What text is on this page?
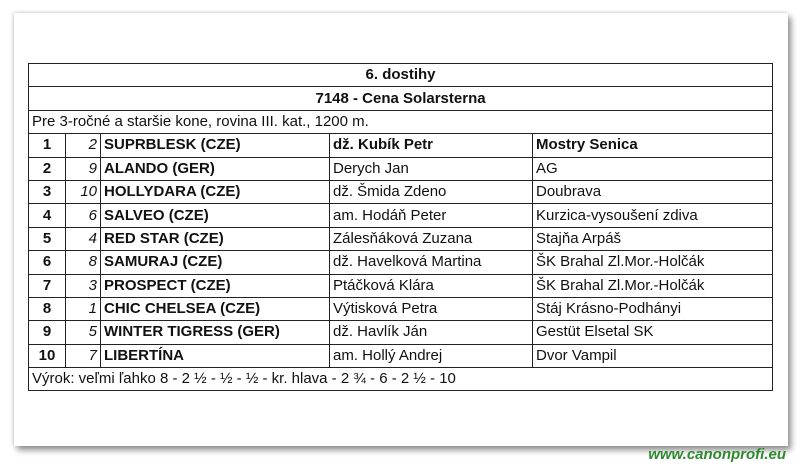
6. dostihy				
7148 - Cena Solarsterna				
Pre 3-ročné a staršie kone, rovina III. kat., 1200 m.				
1	2	SUPRBLESK (CZE)	dž. Kubík Petr	Mostry Senica
2	9	ALANDO (GER)	Derych Jan	AG
3	10	HOLLYDARA (CZE)	dž. Šmida Zdeno	Doubrava
4	6	SALVEO (CZE)	am. Hodáň Peter	Kurzica-vysoušení zdiva
5	4	RED STAR (CZE)	Zálesňáková Zuzana	Stajňa Arpáš
6	8	SAMURAJ (CZE)	dž. Havelková Martina	ŠK Brahal Zl.Mor.-Holčák
7	3	PROSPECT (CZE)	Ptáčková Klára	ŠK Brahal Zl.Mor.-Holčák
8	1	CHIC CHELSEA (CZE)	Výtisková Petra	Stáj Krásno-Podhányi
9	5	WINTER TIGRESS (GER)	dž. Havlík Ján	Gestüt Elsetal SK
10	7	LIBERTÍNA	am. Hollý Andrej	Dvor Vampil
Výrok: veľmi ľahko 8 - 2 ½ - ½ - ½ - kr. hlava - 2 ¾ - 6 - 2 ½ - 10				
www.canonprofi.eu
